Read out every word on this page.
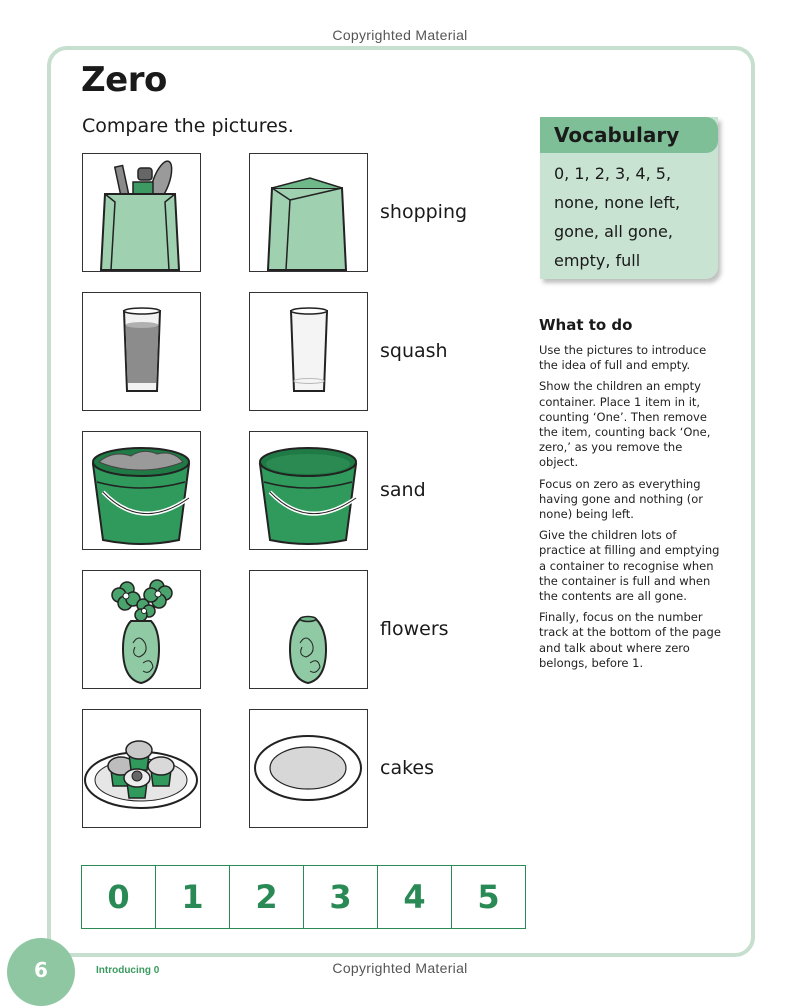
Copyrighted Material
Zero
Compare the pictures.
shopping
squash
sand
flowers
cakes
Vocabulary
0, 1, 2, 3, 4, 5,
none, none left,
gone, all gone,
empty, full
What to do

Use the pictures to introduce the idea of full and empty.

Show the children an empty container. Place 1 item in it, counting ‘One’. Then remove the item, counting back ‘One, zero,’ as you remove the object.

Focus on zero as everything having gone and nothing (or none) being left.

Give the children lots of practice at filling and emptying a container to recognise when the container is full and when the contents are all gone.

Finally, focus on the number track at the bottom of the page and talk about where zero belongs, before 1.

0	1	2	3	4	5
6	Introducing 0	Copyrighted Material
